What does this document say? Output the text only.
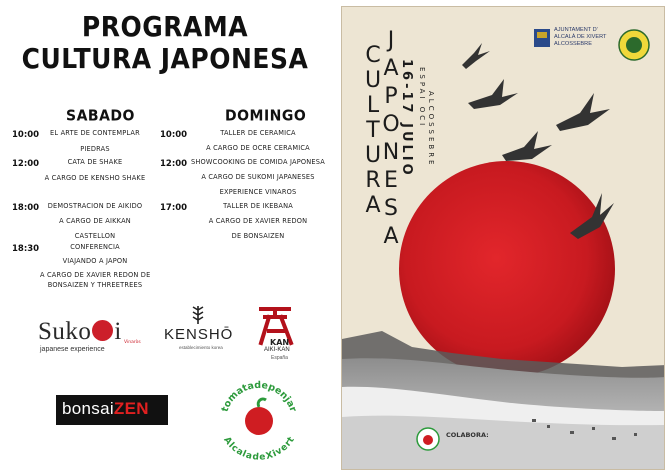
PROGRAMA
CULTURA JAPONESA
SABADO	DOMINGO
10:00	EL ARTE DE CONTEMPLAR
PIEDRAS
12:00	CATA DE SHAKE
A CARGO DE KENSHO SHAKE
18:00	DEMOSTRACION DE AIKIDO
A CARGO DE AIKKAN
CASTELLON
18:30	CONFERENCIA
VIAJANDO A JAPON
A CARGO DE XAVIER REDON DE
BONSAIZEN Y THREETREES
10:00	TALLER DE CERAMICA
A CARGO DE OCRE CERAMICA
12:00 SHOWCOOKING DE COMIDA JAPONESA
A CARGO DE SUKOMI JAPANESES
EXPERIENCE VINAROS
17:00	TALLER DE IKEBANA
A CARGO DE XAVIER REDON
DE BONSAIZEN
Suko i Vinaròs
japanese experience
KENSHŌ
establecimiento korea
KAN
AIKI-KAN
España
bonsaiZEN	tomatadepenjar
AlcaladeXivert
C
U
L
T
U
R
A
J
A
P
O
N
E
S
A
16-17 JULIO ESPAI OCI ALCOSSEBRE
AJUNTAMENT D'
ALCALÀ DE XIVERT
ALCOSSEBRE
COLABORA:
